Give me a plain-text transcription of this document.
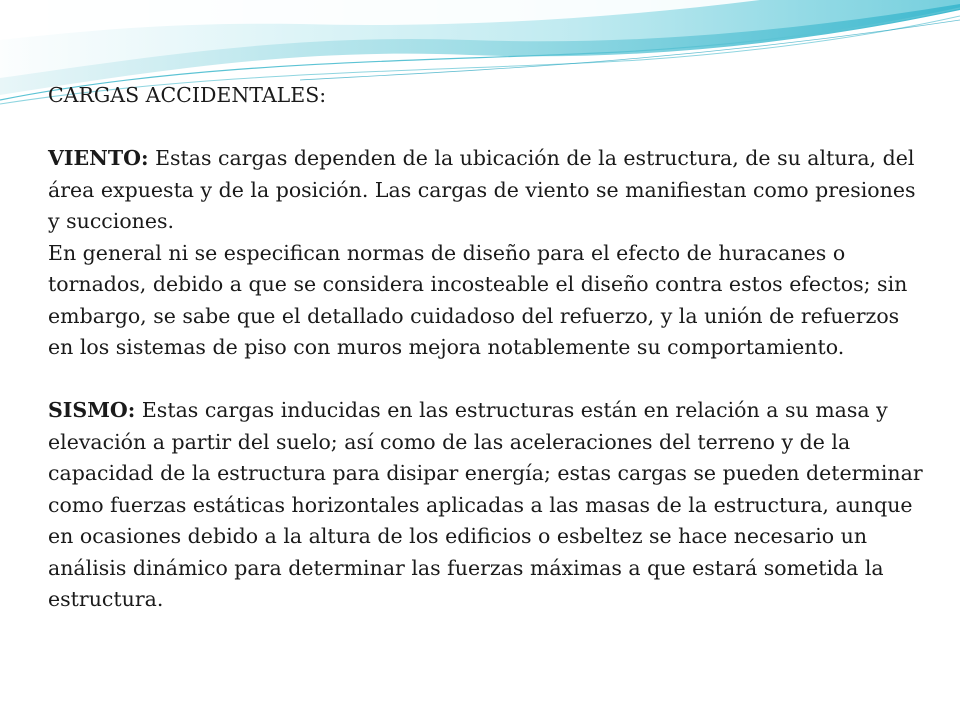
CARGAS ACCIDENTALES:

VIENTO: Estas cargas dependen de la ubicación de la estructura, de su altura, del área expuesta y de la posición. Las cargas de viento se manifiestan como presiones y succiones.

En general ni se especifican normas de diseño para el efecto de huracanes o tornados, debido a que se considera incosteable el diseño contra estos efectos; sin embargo, se sabe que el detallado cuidadoso del refuerzo, y la unión de refuerzos en los sistemas de piso con muros mejora notablemente su comportamiento.

SISMO: Estas cargas inducidas en las estructuras están en relación a su masa y elevación a partir del suelo; así como de las aceleraciones del terreno y de la capacidad de la estructura para disipar energía; estas cargas se pueden determinar como fuerzas estáticas horizontales aplicadas a las masas de la estructura, aunque en ocasiones debido a la altura de los edificios o esbeltez se hace necesario un análisis dinámico para determinar las fuerzas máximas a que estará sometida la estructura.
